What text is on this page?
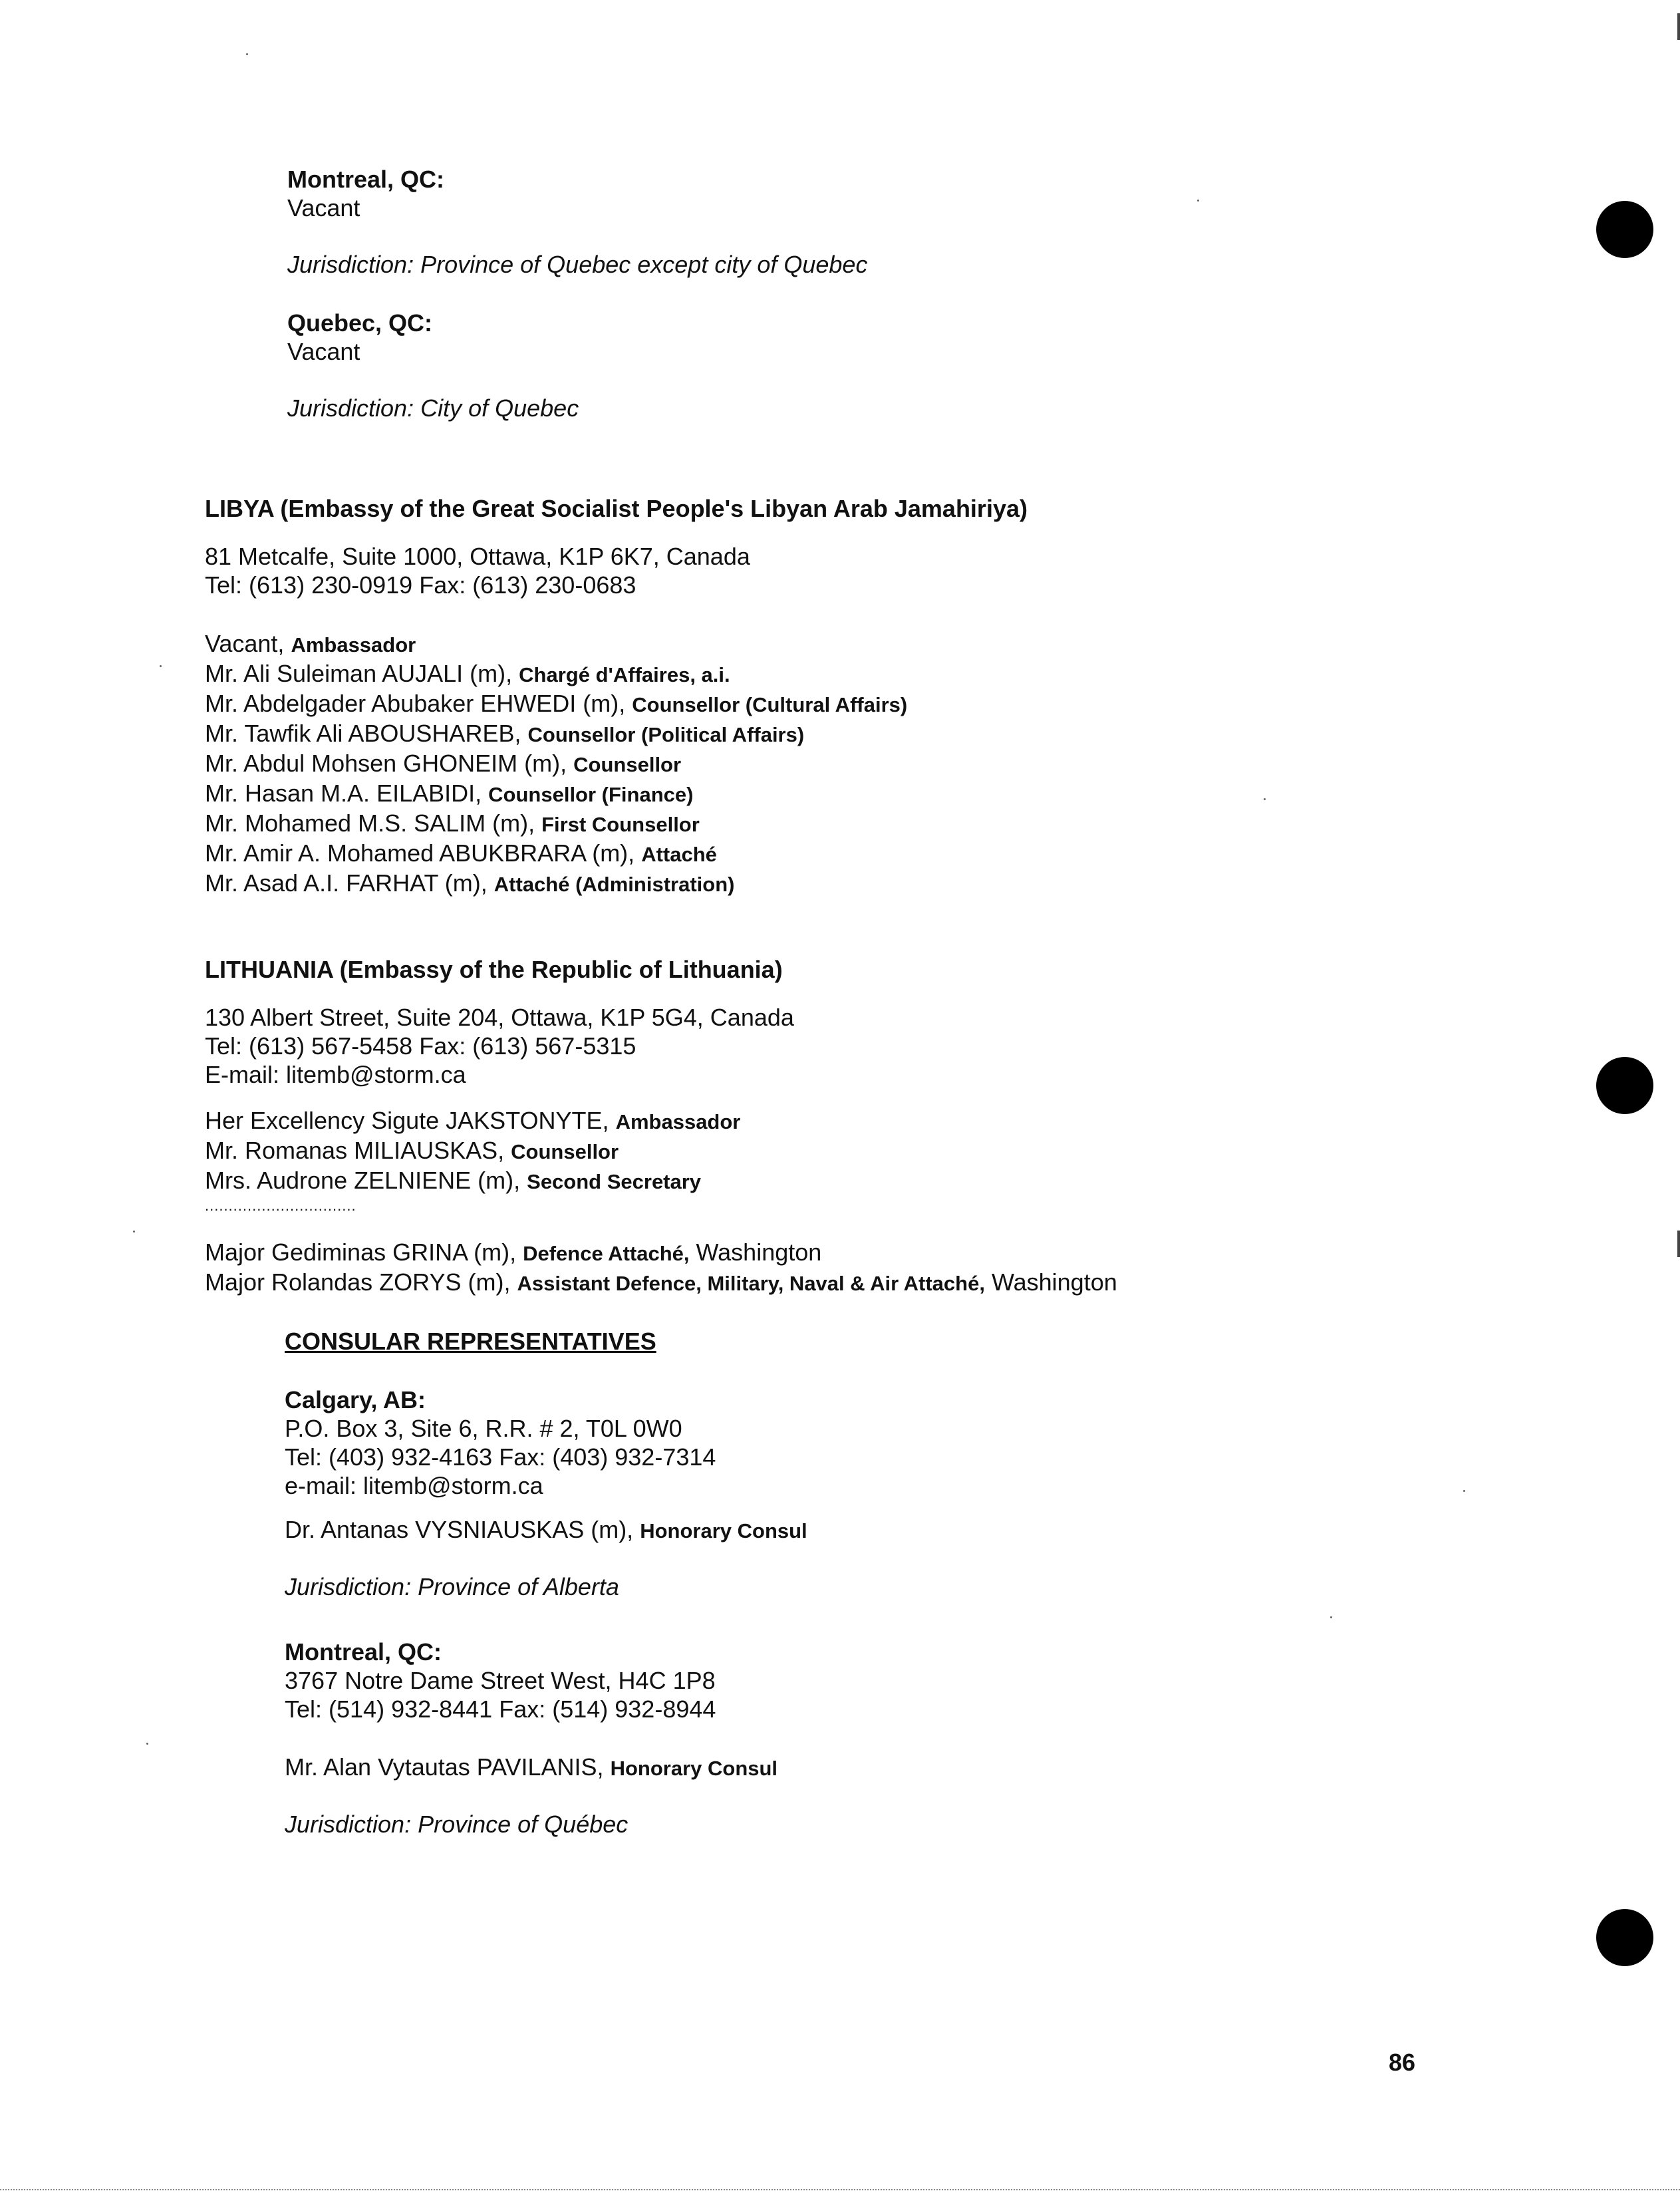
Montreal, QC:
Vacant
Jurisdiction: Province of Quebec except city of Quebec
Quebec, QC:
Vacant
Jurisdiction: City of Quebec
LIBYA (Embassy of the Great Socialist People's Libyan Arab Jamahiriya)
81 Metcalfe, Suite 1000, Ottawa, K1P 6K7, Canada
Tel: (613) 230-0919 Fax: (613) 230-0683
Vacant, Ambassador
Mr. Ali Suleiman AUJALI (m), Chargé d'Affaires, a.i.
Mr. Abdelgader Abubaker EHWEDI (m), Counsellor (Cultural Affairs)
Mr. Tawfik Ali ABOUSHAREB, Counsellor (Political Affairs)
Mr. Abdul Mohsen GHONEIM (m), Counsellor
Mr. Hasan M.A. EILABIDI, Counsellor (Finance)
Mr. Mohamed M.S. SALIM (m), First Counsellor
Mr. Amir A. Mohamed ABUKBRARA (m), Attaché
Mr. Asad A.I. FARHAT (m), Attaché (Administration)
LITHUANIA (Embassy of the Republic of Lithuania)
130 Albert Street, Suite 204, Ottawa, K1P 5G4, Canada
Tel: (613) 567-5458 Fax: (613) 567-5315
E-mail: litemb@storm.ca
Her Excellency Sigute JAKSTONYTE, Ambassador
Mr. Romanas MILIAUSKAS, Counsellor
Mrs. Audrone ZELNIENE (m), Second Secretary
................................
Major Gediminas GRINA (m), Defence Attaché, Washington
Major Rolandas ZORYS (m), Assistant Defence, Military, Naval & Air Attaché, Washington
CONSULAR REPRESENTATIVES
Calgary, AB:
P.O. Box 3, Site 6, R.R. # 2, T0L 0W0
Tel: (403) 932-4163 Fax: (403) 932-7314
e-mail: litemb@storm.ca
Dr. Antanas VYSNIAUSKAS (m), Honorary Consul
Jurisdiction: Province of Alberta
Montreal, QC:
3767 Notre Dame Street West, H4C 1P8
Tel: (514) 932-8441 Fax: (514) 932-8944
Mr. Alan Vytautas PAVILANIS, Honorary Consul
Jurisdiction: Province of Québec
86
